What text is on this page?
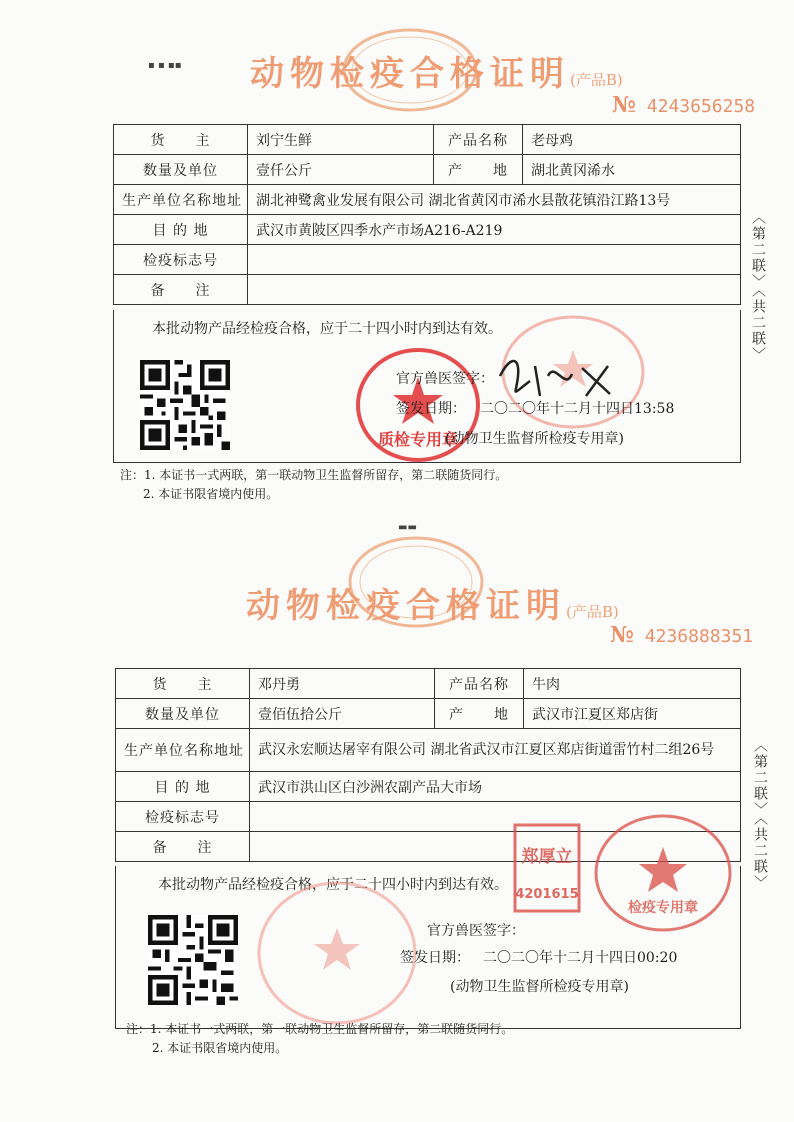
▪ ▪ ▪▪ 动物检疫合格证明(产品B)
№ 4243656258
货　　主	刘宁生鲜	产品名称	老母鸡
数量及单位	壹仟公斤	产　　地	湖北黄冈浠水
生产单位名称地址	湖北神鹭禽业发展有限公司 湖北省黄冈市浠水县散花镇沿江路13号		
目 的 地	武汉市黄陂区四季水产市场A216-A219		
检疫标志号			
备　　注			
本批动物产品经检疫合格，应于二十四小时内到达有效。
质检专用章
官方兽医签字：
签发日期： 二〇二〇年十二月十四日13:58
(动物卫生监督所检疫专用章)
注：1. 本证书一式两联，第一联动物卫生监督所留存，第二联随货同行。
2. 本证书限省境内使用。
〈第二联〉〈共二联〉
▬▬
动物检疫合格证明(产品B)
№ 4236888351
货　　主	邓丹勇	产品名称	牛肉
数量及单位	壹佰伍拾公斤	产　　地	武汉市江夏区郑店街
生产单位名称地址	武汉永宏顺达屠宰有限公司 湖北省武汉市江夏区郑店街道雷竹村二组26号		
目 的 地	武汉市洪山区白沙洲农副产品大市场		
检疫标志号			
备　　注			
本批动物产品经检疫合格，应于二十四小时内到达有效。
郑厚立
4201615
检疫专用章
官方兽医签字：
签发日期： 二〇二〇年十二月十四日00:20
(动物卫生监督所检疫专用章)
注：1. 本证书一式两联，第一联动物卫生监督所留存，第二联随货同行。
2. 本证书限省境内使用。
〈第二联〉〈共二联〉
